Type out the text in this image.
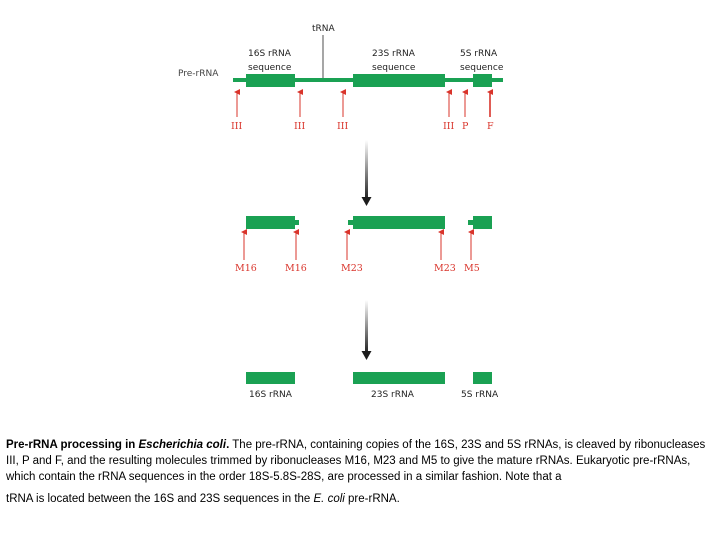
Pre-rRNA
tRNA
16S rRNA
sequence
23S rRNA
sequence
5S rRNA
sequence
III	III	III	III P F
M16	M16	M23	M23 M5
16S rRNA	23S rRNA	5S rRNA

Pre-rRNA processing in Escherichia coli. The pre-rRNA, containing copies of the 16S, 23S and 5S rRNAs, is cleaved by ribonucleases III, P and F, and the resulting molecules trimmed by ribonucleases M16, M23 and M5 to give the mature rRNAs. Eukaryotic pre-rRNAs, which contain the rRNA sequences in the order 18S-5.8S-28S, are processed in a similar fashion. Note that a
tRNA is located between the 16S and 23S sequences in the E. coli pre-rRNA.
